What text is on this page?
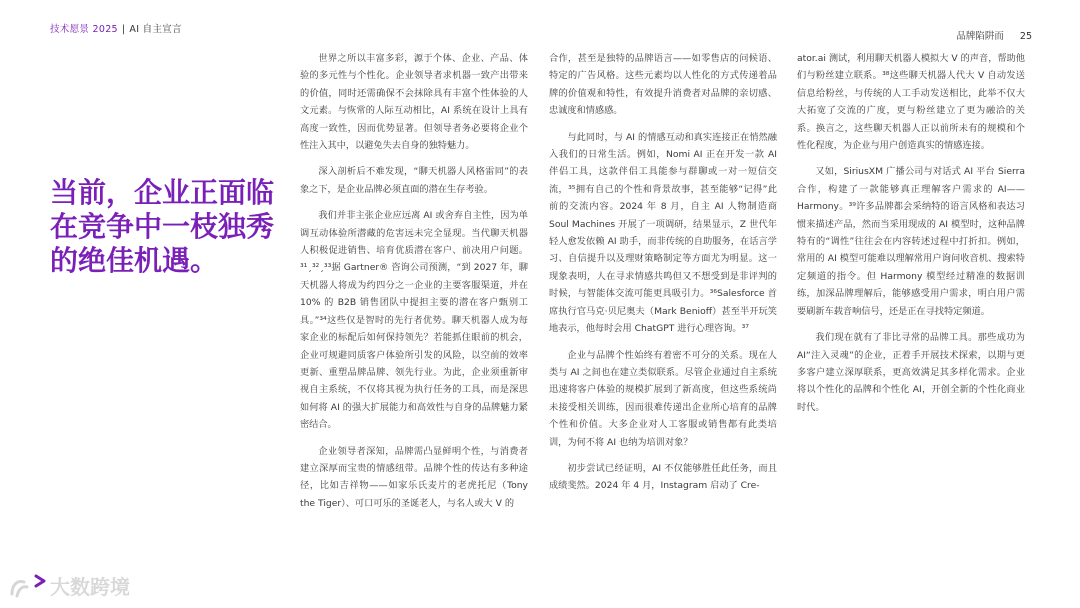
技术愿景 2025 | AI 自主宣言
品牌陷阱而 25
当前，企业正面临在竞争中一枝独秀的绝佳机遇。

世界之所以丰富多彩，源于个体、企业、产品、体验的多元性与个性化。企业领导者求机器一致产出带来的价值，同时还需确保不会抹除具有丰富个性体验的人文元素。与恢常的人际互动相比，AI 系统在设计上具有高度一致性，因而优势显著。但领导者务必要将企业个性注入其中，以避免失去自身的独特魅力。

深入剖析后不难发现，“聊天机器人风格雷同”的表象之下，是企业品牌必须直面的潜在生存考验。

我们并非主张企业应远离 AI 或舍弃自主性，因为单调互动体验所潜藏的危害远未完全显现。当代聊天机器人积极促进销售、培育优质潜在客户、前决用户问题。³¹ˏ³²ˏ³³据 Gartner® 咨询公司预测，“到 2027 年，聊天机器人将成为约四分之一企业的主要客服渠道，并在 10% 的 B2B 销售团队中提担主要的潜在客户甄别工具。”³⁴这些仅是智时的先行者优势。聊天机器人成为每家企业的标配后如何保持领先？若能抓住眼前的机会，企业可规避同质客户体验所引发的风险，以空前的效率更新、重塑品牌品牌、领先行业。为此，企业须重新审视自主系统，不仅将其视为执行任务的工具，而是深思如何将 AI 的强大扩展能力和高效性与自身的品牌魅力紧密结合。

企业领导者深知，品牌需凸显鲜明个性，与消费者建立深厚而宝贵的情感纽带。品牌个性的传达有多种途径，比如吉祥物——如家乐氏麦片的老虎托尼（Tony the Tiger）、可口可乐的圣诞老人，与名人或大 V 的

合作，甚至是独特的品牌语言——如零售店的问候语、特定的广告风格。这些元素均以人性化的方式传递着品牌的价值观和特性，有效提升消费者对品牌的亲切感、忠诚度和情感感。

与此同时，与 AI 的情感互动和真实连接正在悄然融入我们的日常生活。例如，Nomi AI 正在开发一款 AI 伴侣工具，这款伴侣工具能参与群聊或一对一短信交流，³⁵拥有自己的个性和背景故事，甚至能够“记得”此前的交流内容。2024 年 8 月，自主 AI 人物制造商 Soul Machines 开展了一项调研，结果显示，Z 世代年轻人愈发依赖 AI 助手，而非传统的自助服务，在话言学习、自信提升以及理财策略制定等方面尤为明显。这一现象表明，人在寻求情感共鸣但又不想受到是非评判的时候，与智能体交流可能更具吸引力。³⁶Salesforce 首席执行官马克·贝尼奥夫（Mark Benioff）甚至半开玩笑地表示，他每时会用 ChatGPT 进行心理咨询。³⁷

企业与品牌个性始终有着密不可分的关系。现在人类与 AI 之间也在建立类似联系。尽管企业通过自主系统迅速将客户体验的规模扩展到了新高度，但这些系统尚未接受相关训练，因而很难传递出企业所心培育的品牌个性和价值。大多企业对人工客服或销售都有此类培训，为何不将 AI 也纳为培训对象？

初步尝试已经证明，AI 不仅能够胜任此任务，而且成绩斐然。2024 年 4 月，Instagram 启动了 Cre-

ator.ai 测试，利用聊天机器人模拟大 V 的声音，帮助他们与粉丝建立联系。³⁸这些聊天机器人代大 V 自动发送信息给粉丝，与传统的人工手动发送相比，此举不仅大大拓宽了交流的广度，更与粉丝建立了更为融洽的关系。换言之，这些聊天机器人正以前所未有的规模和个性化程度，为企业与用户创造真实的情感连接。

又如，SiriusXM 广播公司与对话式 AI 平台 Sierra 合作，构建了一款能够真正理解客户需求的 AI——Harmony。³⁹许多品牌都会采纳特的语言风格和表达习惯来描述产品，然而当采用现成的 AI 模型时，这种品牌特有的“调性”往往会在内容转述过程中打折扣。例如，常用的 AI 模型可能难以理解常用户询问收音机、搜索特定频道的指令。但 Harmony 模型经过精准的数据训练，加深品牌理解后，能够感受用户需求，明白用户需要刷新车载音响信号，还是正在寻找特定频道。

我们现在就有了非比寻常的品牌工具。那些成功为 AI“注入灵魂”的企业，正着手开展技术探索，以期与更多客户建立深厚联系，更高效满足其多样化需求。企业将以个性化的品牌和个性化 AI，开创全新的个性化商业时代。

大数跨境
